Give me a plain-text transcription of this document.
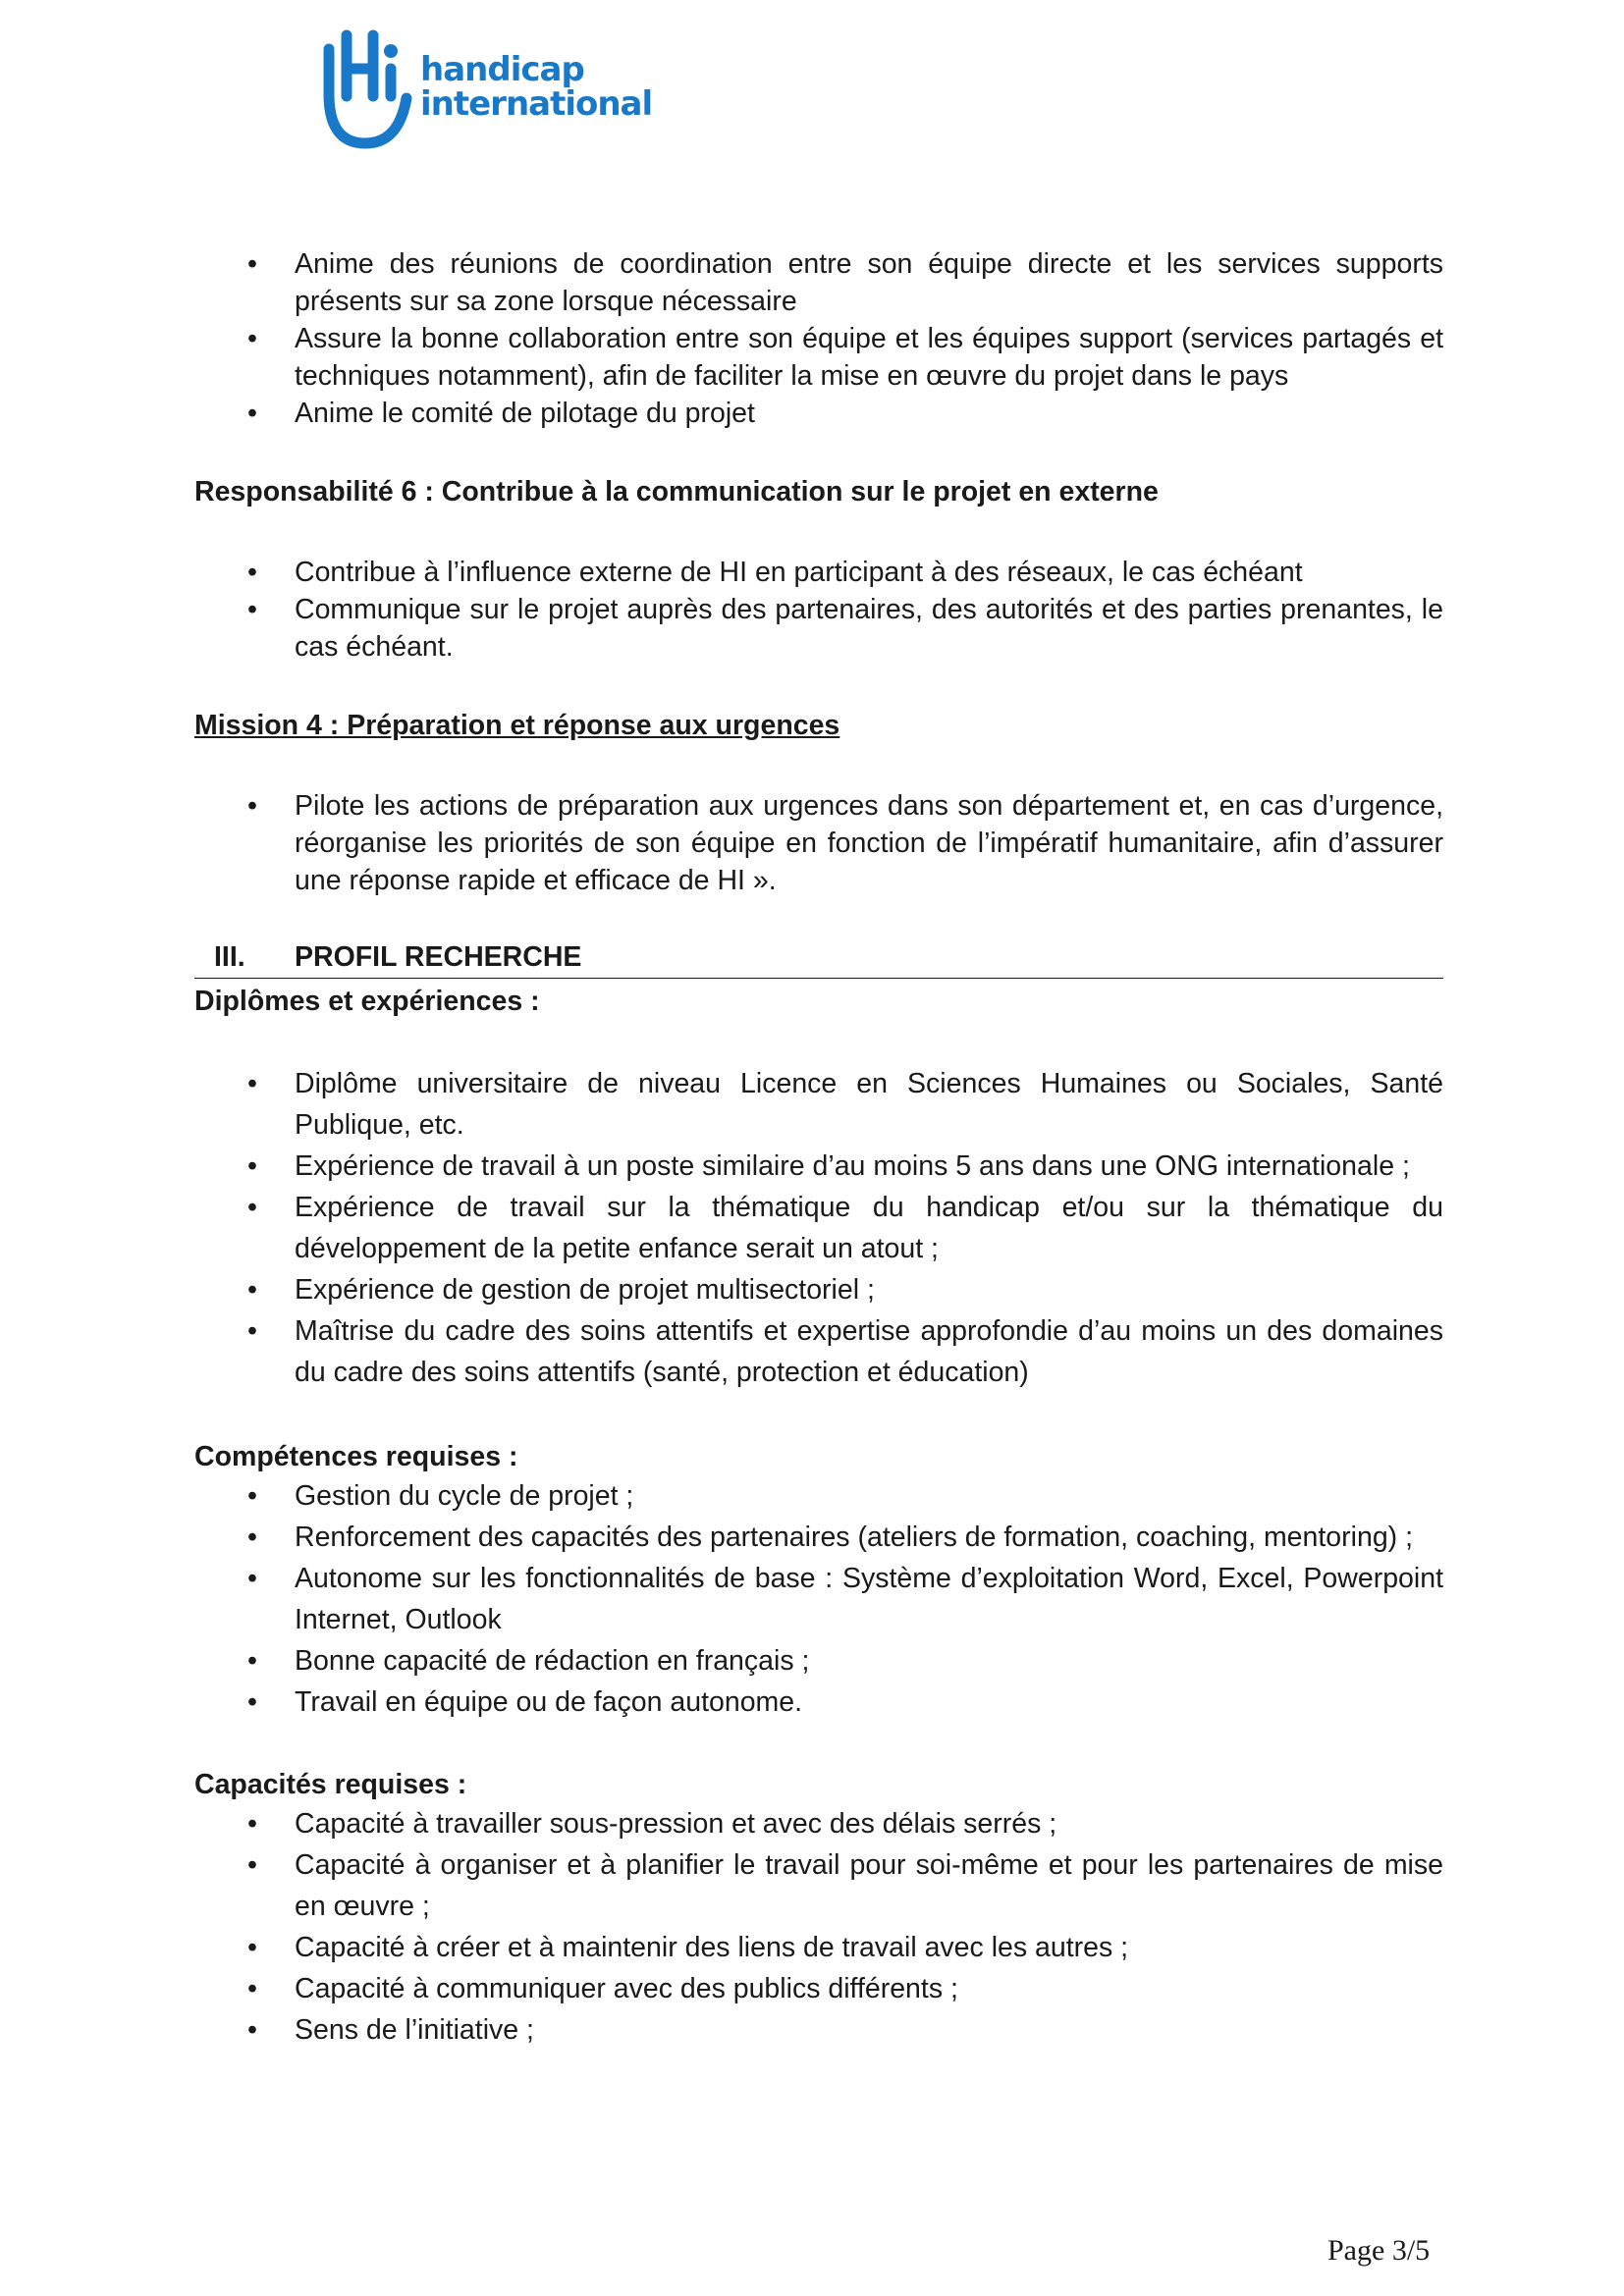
handicap
international
• Anime des réunions de coordination entre son équipe directe et les services supports présents sur sa zone lorsque nécessaire
• Assure la bonne collaboration entre son équipe et les équipes support (services partagés et techniques notamment), afin de faciliter la mise en œuvre du projet dans le pays
• Anime le comité de pilotage du projet

Responsabilité 6 : Contribue à la communication sur le projet en externe

• Contribue à l’influence externe de HI en participant à des réseaux, le cas échéant
• Communique sur le projet auprès des partenaires, des autorités et des parties prenantes, le cas échéant.

Mission 4 : Préparation et réponse aux urgences

• Pilote les actions de préparation aux urgences dans son département et, en cas d’urgence, réorganise les priorités de son équipe en fonction de l’impératif humanitaire, afin d’assurer une réponse rapide et efficace de HI ».
III.	PROFIL RECHERCHE

Diplômes et expériences :

• Diplôme universitaire de niveau Licence en Sciences Humaines ou Sociales, Santé Publique, etc.
• Expérience de travail à un poste similaire d’au moins 5 ans dans une ONG internationale ;
• Expérience de travail sur la thématique du handicap et/ou sur la thématique du développement de la petite enfance serait un atout ;
• Expérience de gestion de projet multisectoriel ;
• Maîtrise du cadre des soins attentifs et expertise approfondie d’au moins un des domaines du cadre des soins attentifs (santé, protection et éducation)

Compétences requises :

• Gestion du cycle de projet ;
• Renforcement des capacités des partenaires (ateliers de formation, coaching, mentoring) ;
• Autonome sur les fonctionnalités de base : Système d’exploitation Word, Excel, Powerpoint Internet, Outlook
• Bonne capacité de rédaction en français ;
• Travail en équipe ou de façon autonome.

Capacités requises :

• Capacité à travailler sous-pression et avec des délais serrés ;
• Capacité à organiser et à planifier le travail pour soi-même et pour les partenaires de mise en œuvre ;
• Capacité à créer et à maintenir des liens de travail avec les autres ;
• Capacité à communiquer avec des publics différents ;
• Sens de l’initiative ;
Page 3/5
